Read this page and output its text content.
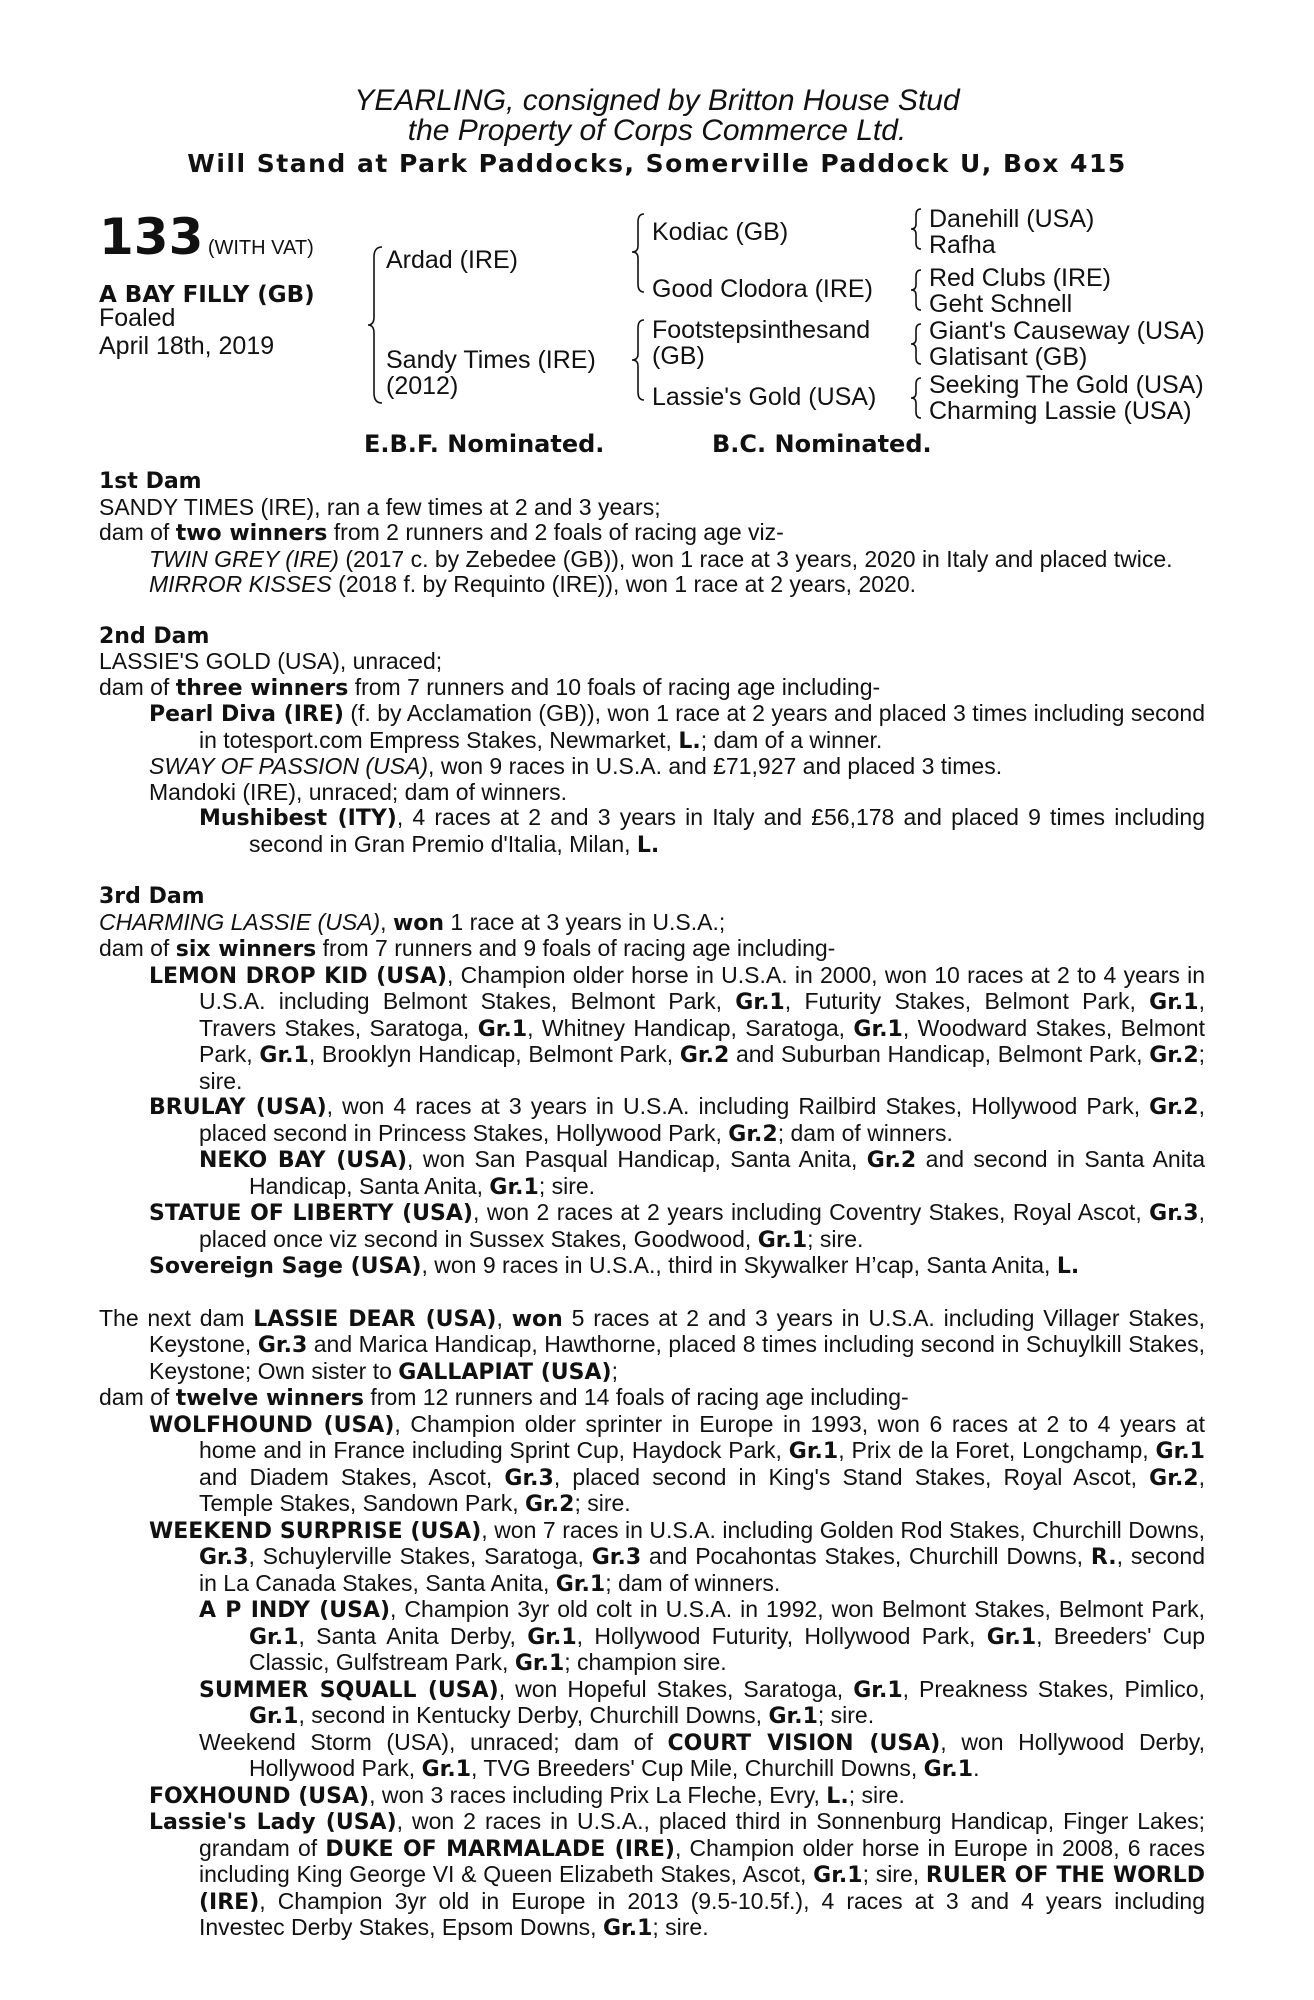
YEARLING, consigned by Britton House Stud
the Property of Corps Commerce Ltd.
Will Stand at Park Paddocks, Somerville Paddock U, Box 415
133 (WITH VAT)
A BAY FILLY (GB)
Foaled
April 18th, 2019
Ardad (IRE)
Sandy Times (IRE)
(2012)
Kodiac (GB)
Good Clodora (IRE)
Footstepsinthesand
(GB)
Lassie's Gold (USA)
Danehill (USA)
Rafha
Red Clubs (IRE)
Geht Schnell
Giant's Causeway (USA)
Glatisant (GB)
Seeking The Gold (USA)
Charming Lassie (USA)
E.B.F. Nominated.	B.C. Nominated.
1st Dam
SANDY TIMES (IRE), ran a few times at 2 and 3 years;
dam of two winners from 2 runners and 2 foals of racing age viz-
TWIN GREY (IRE) (2017 c. by Zebedee (GB)), won 1 race at 3 years, 2020 in Italy and placed twice.
MIRROR KISSES (2018 f. by Requinto (IRE)), won 1 race at 2 years, 2020.
2nd Dam
LASSIE'S GOLD (USA), unraced;
dam of three winners from 7 runners and 10 foals of racing age including-
Pearl Diva (IRE) (f. by Acclamation (GB)), won 1 race at 2 years and placed 3 times including second in totesport.com Empress Stakes, Newmarket, L.; dam of a winner.
SWAY OF PASSION (USA), won 9 races in U.S.A. and £71,927 and placed 3 times.
Mandoki (IRE), unraced; dam of winners.
Mushibest (ITY), 4 races at 2 and 3 years in Italy and £56,178 and placed 9 times including second in Gran Premio d'Italia, Milan, L.
3rd Dam
CHARMING LASSIE (USA), won 1 race at 3 years in U.S.A.;
dam of six winners from 7 runners and 9 foals of racing age including-
LEMON DROP KID (USA), Champion older horse in U.S.A. in 2000, won 10 races at 2 to 4 years in U.S.A. including Belmont Stakes, Belmont Park, Gr.1, Futurity Stakes, Belmont Park, Gr.1, Travers Stakes, Saratoga, Gr.1, Whitney Handicap, Saratoga, Gr.1, Woodward Stakes, Belmont Park, Gr.1, Brooklyn Handicap, Belmont Park, Gr.2 and Suburban Handicap, Belmont Park, Gr.2; sire.
BRULAY (USA), won 4 races at 3 years in U.S.A. including Railbird Stakes, Hollywood Park, Gr.2, placed second in Princess Stakes, Hollywood Park, Gr.2; dam of winners.
NEKO BAY (USA), won San Pasqual Handicap, Santa Anita, Gr.2 and second in Santa Anita Handicap, Santa Anita, Gr.1; sire.
STATUE OF LIBERTY (USA), won 2 races at 2 years including Coventry Stakes, Royal Ascot, Gr.3, placed once viz second in Sussex Stakes, Goodwood, Gr.1; sire.
Sovereign Sage (USA), won 9 races in U.S.A., third in Skywalker H’cap, Santa Anita, L.
The next dam LASSIE DEAR (USA), won 5 races at 2 and 3 years in U.S.A. including Villager Stakes, Keystone, Gr.3 and Marica Handicap, Hawthorne, placed 8 times including second in Schuylkill Stakes, Keystone; Own sister to GALLAPIAT (USA);
dam of twelve winners from 12 runners and 14 foals of racing age including-
WOLFHOUND (USA), Champion older sprinter in Europe in 1993, won 6 races at 2 to 4 years at home and in France including Sprint Cup, Haydock Park, Gr.1, Prix de la Foret, Longchamp, Gr.1 and Diadem Stakes, Ascot, Gr.3, placed second in King's Stand Stakes, Royal Ascot, Gr.2, Temple Stakes, Sandown Park, Gr.2; sire.
WEEKEND SURPRISE (USA), won 7 races in U.S.A. including Golden Rod Stakes, Churchill Downs, Gr.3, Schuylerville Stakes, Saratoga, Gr.3 and Pocahontas Stakes, Churchill Downs, R., second in La Canada Stakes, Santa Anita, Gr.1; dam of winners.
A P INDY (USA), Champion 3yr old colt in U.S.A. in 1992, won Belmont Stakes, Belmont Park, Gr.1, Santa Anita Derby, Gr.1, Hollywood Futurity, Hollywood Park, Gr.1, Breeders' Cup Classic, Gulfstream Park, Gr.1; champion sire.
SUMMER SQUALL (USA), won Hopeful Stakes, Saratoga, Gr.1, Preakness Stakes, Pimlico, Gr.1, second in Kentucky Derby, Churchill Downs, Gr.1; sire.
Weekend Storm (USA), unraced; dam of COURT VISION (USA), won Hollywood Derby, Hollywood Park, Gr.1, TVG Breeders' Cup Mile, Churchill Downs, Gr.1.
FOXHOUND (USA), won 3 races including Prix La Fleche, Evry, L.; sire.
Lassie's Lady (USA), won 2 races in U.S.A., placed third in Sonnenburg Handicap, Finger Lakes; grandam of DUKE OF MARMALADE (IRE), Champion older horse in Europe in 2008, 6 races including King George VI & Queen Elizabeth Stakes, Ascot, Gr.1; sire, RULER OF THE WORLD (IRE), Champion 3yr old in Europe in 2013 (9.5-10.5f.), 4 races at 3 and 4 years including Investec Derby Stakes, Epsom Downs, Gr.1; sire.
